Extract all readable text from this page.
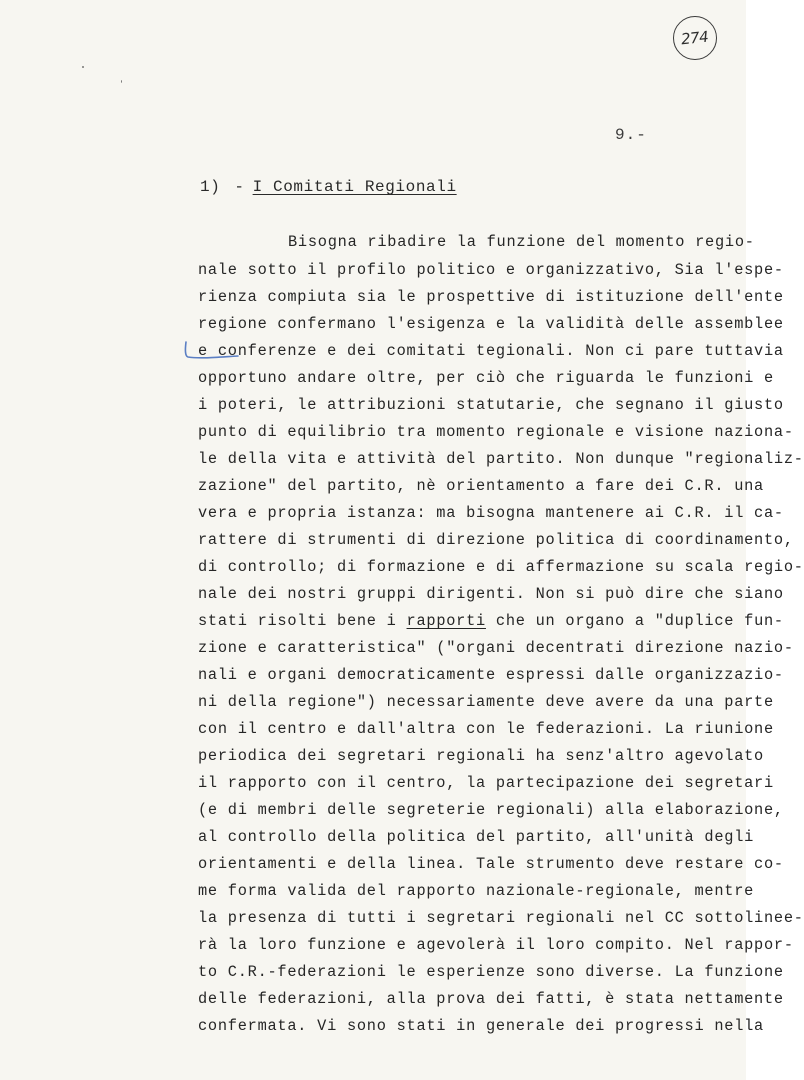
274
9.-
1) - I Comitati Regionali
Bisogna ribadire la funzione del momento regio-
nale sotto il profilo politico e organizzativo, Sia l'espe-
rienza compiuta sia le prospettive di istituzione dell'ente
regione confermano l'esigenza e la validità delle assemblee
e conferenze e dei comitati tegionali. Non ci pare tuttavia
opportuno andare oltre, per ciò che riguarda le funzioni e
i poteri, le attribuzioni statutarie, che segnano il giusto
punto di equilibrio tra momento regionale e visione naziona-
le della vita e attività del partito. Non dunque "regionaliz-
zazione" del partito, nè orientamento a fare dei C.R. una
vera e propria istanza: ma bisogna mantenere ai C.R. il ca-
rattere di strumenti di direzione politica di coordinamento,
di controllo; di formazione e di affermazione su scala regio-
nale dei nostri gruppi dirigenti. Non si può dire che siano
stati risolti bene i rapporti che un organo a "duplice fun-
zione e caratteristica" ("organi decentrati direzione nazio-
nali e organi democraticamente espressi dalle organizzazio-
ni della regione") necessariamente deve avere da una parte
con il centro e dall'altra con le federazioni. La riunione
periodica dei segretari regionali ha senz'altro agevolato
il rapporto con il centro, la partecipazione dei segretari
(e di membri delle segreterie regionali) alla elaborazione,
al controllo della politica del partito, all'unità degli
orientamenti e della linea. Tale strumento deve restare co-
me forma valida del rapporto nazionale-regionale, mentre
la presenza di tutti i segretari regionali nel CC sottolinee-
rà la loro funzione e agevolerà il loro compito. Nel rappor-
to C.R.-federazioni le esperienze sono diverse. La funzione
delle federazioni, alla prova dei fatti, è stata nettamente
confermata. Vi sono stati in generale dei progressi nella
